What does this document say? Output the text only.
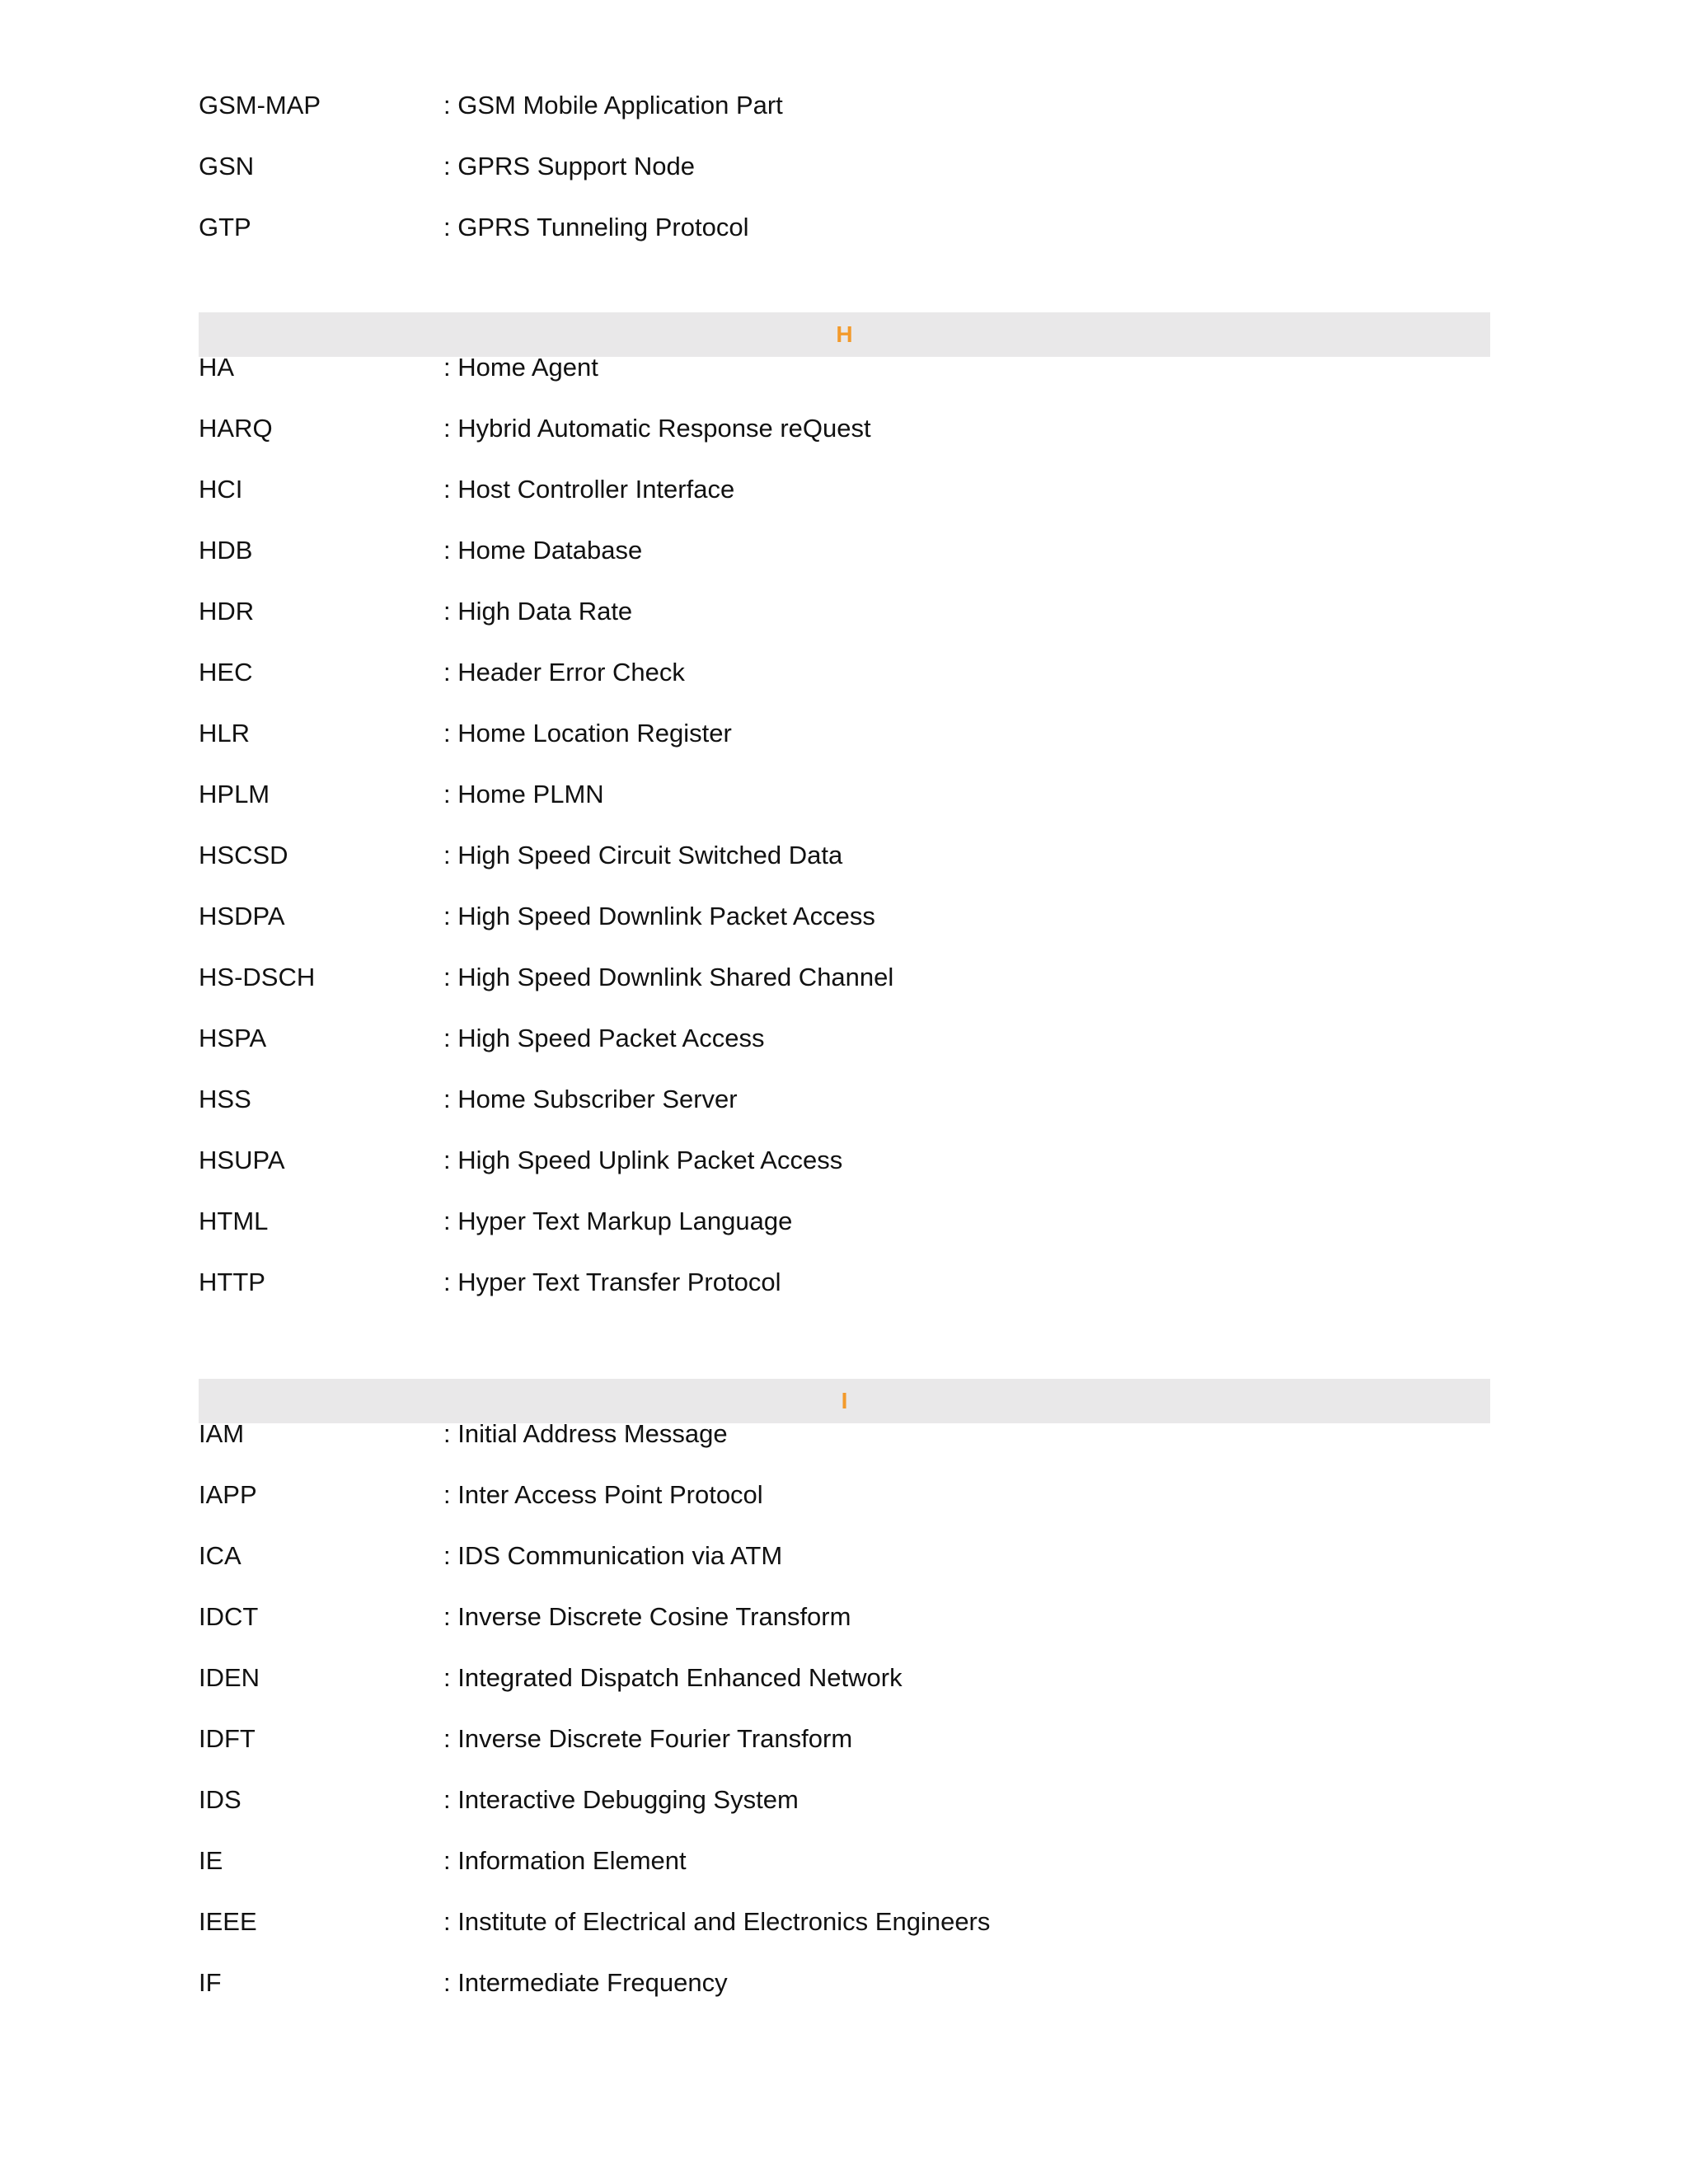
GSM-MAP	: GSM Mobile Application Part
GSN	: GPRS Support Node
GTP	: GPRS Tunneling Protocol
H
HA	: Home Agent
HARQ	: Hybrid Automatic Response reQuest
HCI	: Host Controller Interface
HDB	: Home Database
HDR	: High Data Rate
HEC	: Header Error Check
HLR	: Home Location Register
HPLM	: Home PLMN
HSCSD	: High Speed Circuit Switched Data
HSDPA	: High Speed Downlink Packet Access
HS-DSCH	: High Speed Downlink Shared Channel
HSPA	: High Speed Packet Access
HSS	: Home Subscriber Server
HSUPA	: High Speed Uplink Packet Access
HTML	: Hyper Text Markup Language
HTTP	: Hyper Text Transfer Protocol
I
IAM	: Initial Address Message
IAPP	: Inter Access Point Protocol
ICA	: IDS Communication via ATM
IDCT	: Inverse Discrete Cosine Transform
IDEN	: Integrated Dispatch Enhanced Network
IDFT	: Inverse Discrete Fourier Transform
IDS	: Interactive Debugging System
IE	: Information Element
IEEE	: Institute of Electrical and Electronics Engineers
IF	: Intermediate Frequency
